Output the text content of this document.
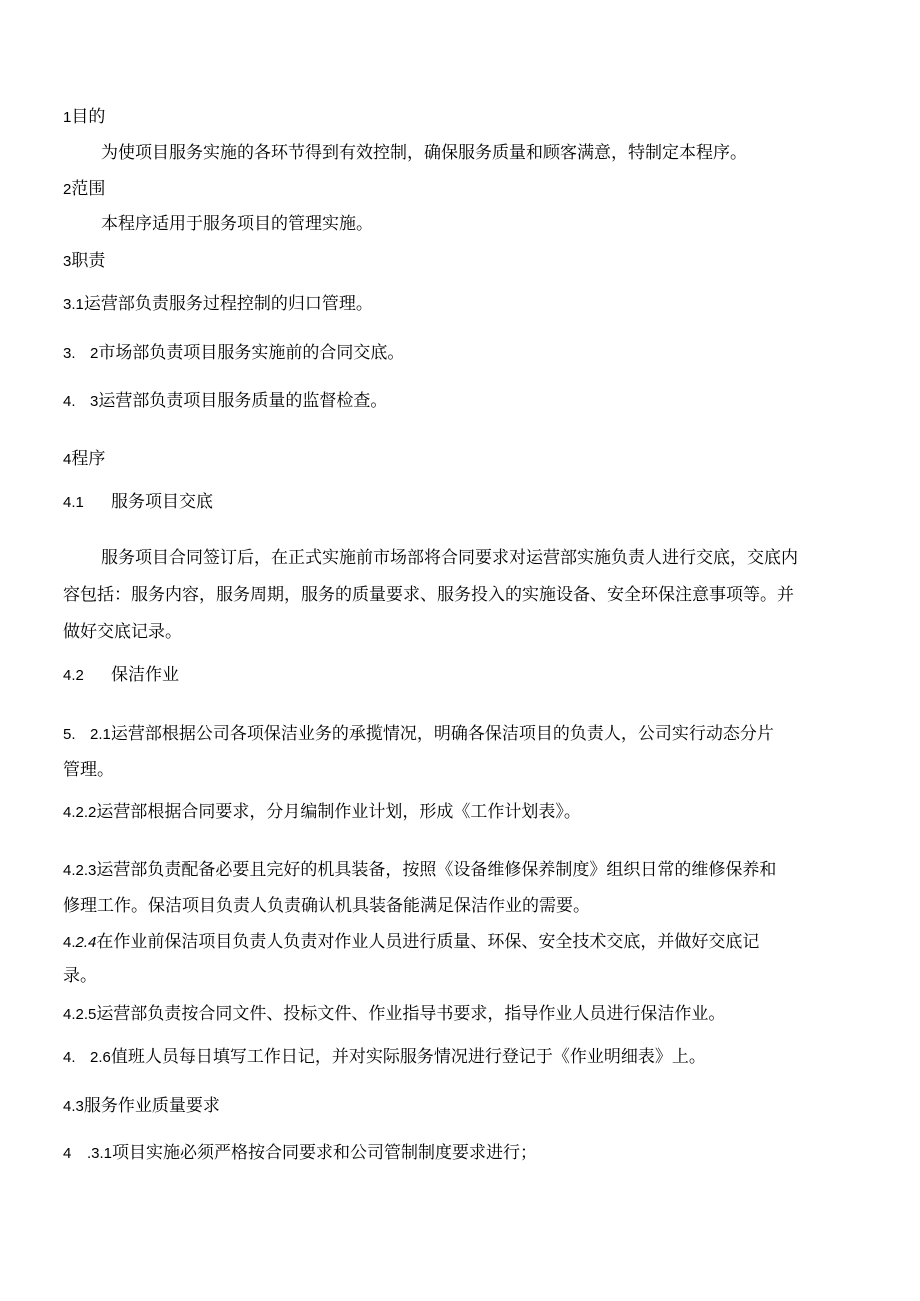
1目的
为使项目服务实施的各环节得到有效控制，确保服务质量和顾客满意，特制定本程序。
2范围
本程序适用于服务项目的管理实施。
3职责
3.1运营部负责服务过程控制的归口管理。
3. 2市场部负责项目服务实施前的合同交底。
4. 3运营部负责项目服务质量的监督检查。
4程序
4.1 服务项目交底
服务项目合同签订后，在正式实施前市场部将合同要求对运营部实施负责人进行交底，交底内
容包括：服务内容，服务周期，服务的质量要求、服务投入的实施设备、安全环保注意事项等。并
做好交底记录。
4.2 保洁作业
5. 2.1运营部根据公司各项保洁业务的承揽情况，明确各保洁项目的负责人，公司实行动态分片
管理。
4.2.2运营部根据合同要求，分月编制作业计划，形成《工作计划表》。
4.2.3运营部负责配备必要且完好的机具装备，按照《设备维修保养制度》组织日常的维修保养和
修理工作。保洁项目负责人负责确认机具装备能满足保洁作业的需要。
4.2.4在作业前保洁项目负责人负责对作业人员进行质量、环保、安全技术交底，并做好交底记
录。
4.2.5运营部负责按合同文件、投标文件、作业指导书要求，指导作业人员进行保洁作业。
4. 2.6值班人员每日填写工作日记，并对实际服务情况进行登记于《作业明细表》上。
4.3服务作业质量要求
4 .3.1项目实施必须严格按合同要求和公司管制制度要求进行；
